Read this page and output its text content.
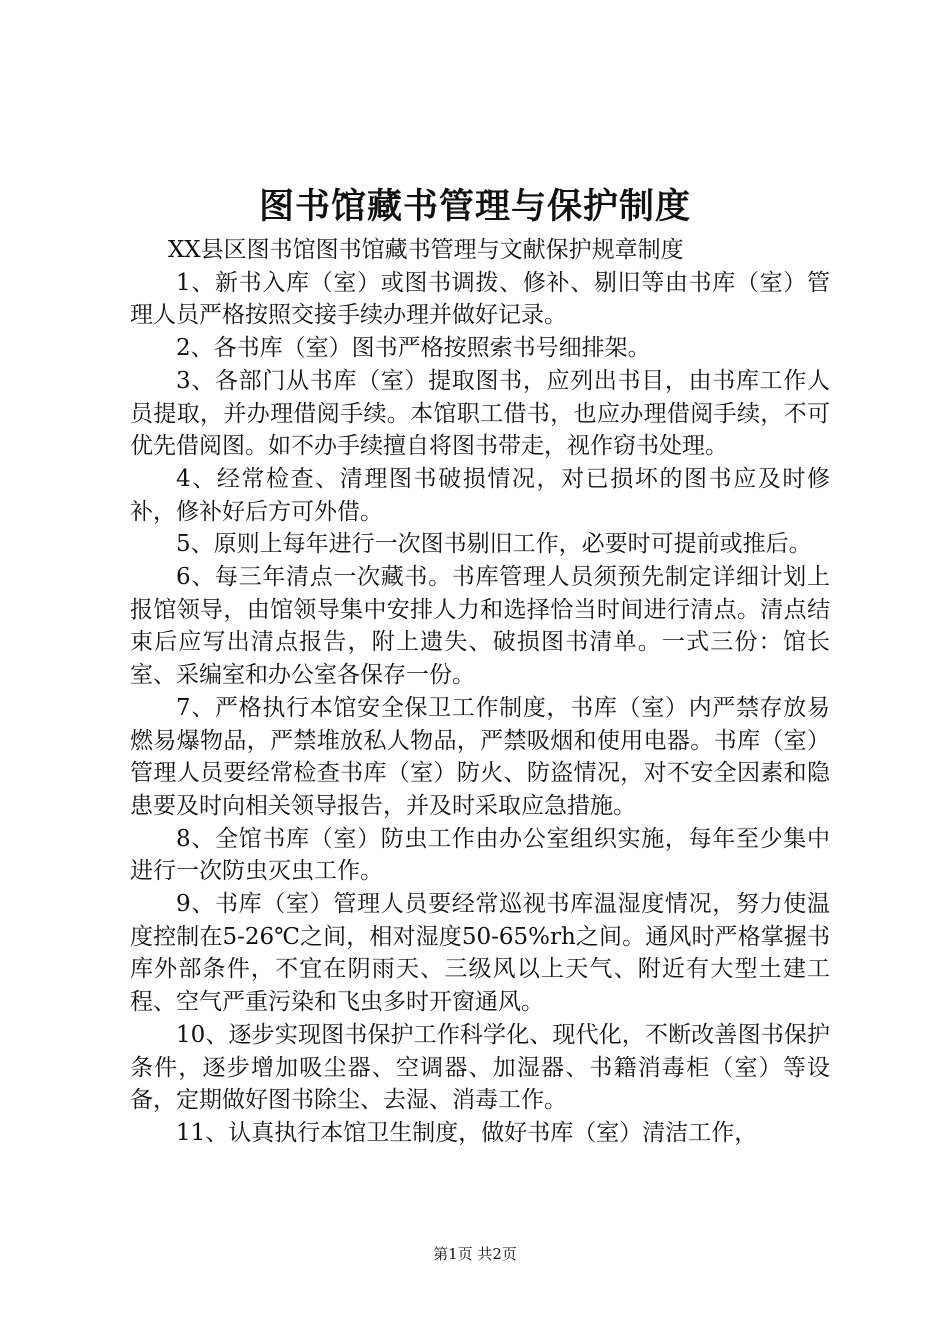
图书馆藏书管理与保护制度

XX县区图书馆图书馆藏书管理与文献保护规章制度

1、新书入库（室）或图书调拨、修补、剔旧等由书库（室）管理人员严格按照交接手续办理并做好记录。

2、各书库（室）图书严格按照索书号细排架。

3、各部门从书库（室）提取图书，应列出书目，由书库工作人员提取，并办理借阅手续。本馆职工借书，也应办理借阅手续，不可优先借阅图。如不办手续擅自将图书带走，视作窃书处理。

4、经常检查、清理图书破损情况，对已损坏的图书应及时修补，修补好后方可外借。

5、原则上每年进行一次图书剔旧工作，必要时可提前或推后。

6、每三年清点一次藏书。书库管理人员须预先制定详细计划上报馆领导，由馆领导集中安排人力和选择恰当时间进行清点。清点结束后应写出清点报告，附上遗失、破损图书清单。一式三份：馆长室、采编室和办公室各保存一份。

7、严格执行本馆安全保卫工作制度，书库（室）内严禁存放易燃易爆物品，严禁堆放私人物品，严禁吸烟和使用电器。书库（室）管理人员要经常检查书库（室）防火、防盗情况，对不安全因素和隐患要及时向相关领导报告，并及时采取应急措施。

8、全馆书库（室）防虫工作由办公室组织实施，每年至少集中进行一次防虫灭虫工作。

9、书库（室）管理人员要经常巡视书库温湿度情况，努力使温度控制在5-26℃之间，相对湿度50-65%rh之间。通风时严格掌握书库外部条件，不宜在阴雨天、三级风以上天气、附近有大型土建工程、空气严重污染和飞虫多时开窗通风。

10、逐步实现图书保护工作科学化、现代化，不断改善图书保护条件，逐步增加吸尘器、空调器、加湿器、书籍消毒柜（室）等设备，定期做好图书除尘、去湿、消毒工作。

11、认真执行本馆卫生制度，做好书库（室）清洁工作，

第1页 共2页
